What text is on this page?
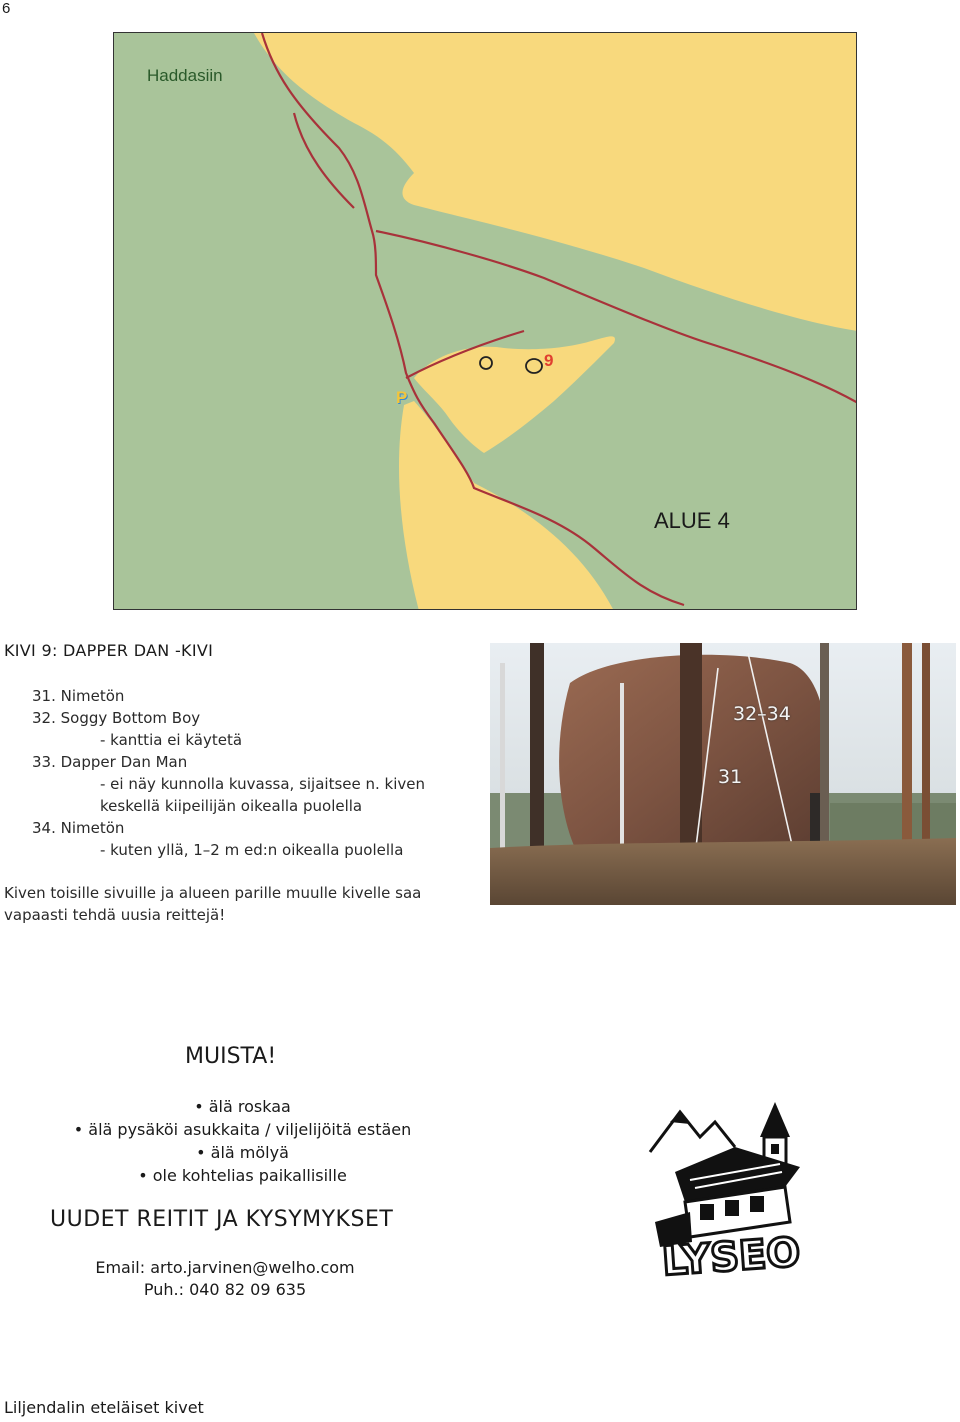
6
Haddasiin
ALUE 4
P
9
KIVI 9: DAPPER DAN -KIVI
31. Nimetön
32. Soggy Bottom Boy
- kanttia ei käytetä
33. Dapper Dan Man
- ei näy kunnolla kuvassa, sijaitsee n. kiven
keskellä kiipeilijän oikealla puolella
34. Nimetön
- kuten yllä, 1–2 m ed:n oikealla puolella
Kiven toisille sivuille ja alueen parille muulle kivelle saa vapaasti tehdä uusia reittejä!
32–34
31
MUISTA!
• älä roskaa
• älä pysäköi asukkaita / viljelijöitä estäen
• älä mölyä
• ole kohtelias paikallisille
UUDET REITIT JA KYSYMYKSET
Email: arto.jarvinen@welho.com
Puh.: 040 82 09 635
LYSEO
Liljendalin eteläiset kivet
